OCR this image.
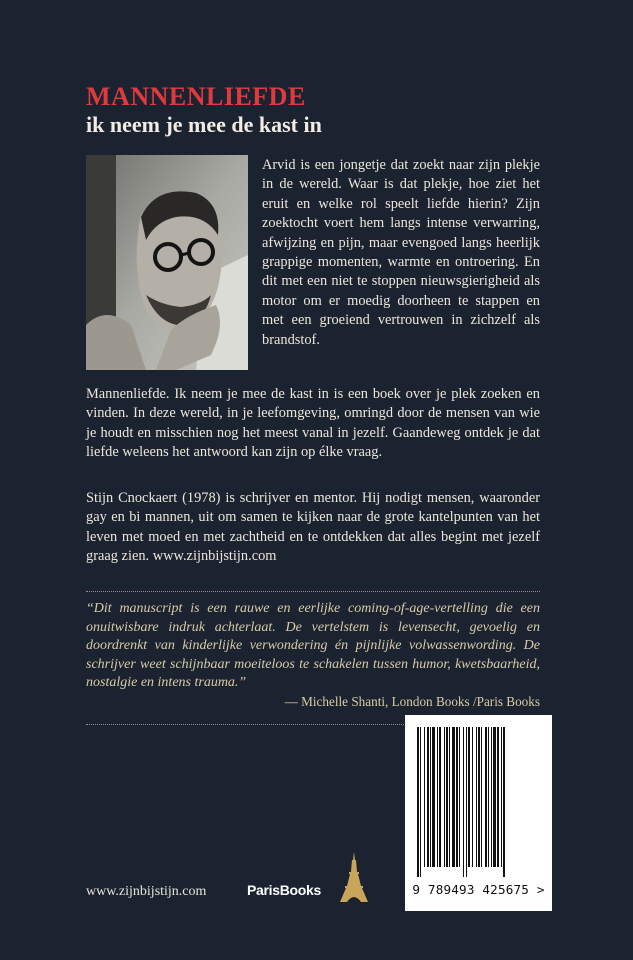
MANNENLIEFDE
ik neem je mee de kast in

Arvid is een jongetje dat zoekt naar zijn plekje in de wereld. Waar is dat plekje, hoe ziet het eruit en welke rol speelt liefde hierin? Zijn zoektocht voert hem langs intense verwarring, afwijzing en pijn, maar evengoed langs heerlijk grappige momenten, warmte en ontroering. En dit met een niet te stoppen nieuwsgierigheid als motor om er moedig doorheen te stappen en met een groeiend vertrouwen in zichzelf als brandstof.

Mannenliefde. Ik neem je mee de kast in is een boek over je plek zoeken en vinden. In deze wereld, in je leefomgeving, omringd door de mensen van wie je houdt en misschien nog het meest vanal in jezelf. Gaandeweg ontdek je dat liefde weleens het antwoord kan zijn op élke vraag.

Stijn Cnockaert (1978) is schrijver en mentor. Hij nodigt mensen, waaronder gay en bi mannen, uit om samen te kijken naar de grote kantelpunten van het leven met moed en met zachtheid en te ontdekken dat alles begint met jezelf graag zien. www.zijnbijstijn.com

“Dit manuscript is een rauwe en eerlijke coming-of-age-vertelling die een onuitwisbare indruk achterlaat. De vertelstem is levensecht, gevoelig en doordrenkt van kinderlijke verwondering én pijnlijke volwassenwording. De schrijver weet schijnbaar moeiteloos te schakelen tussen humor, kwetsbaarheid, nostalgie en intens trauma.”

— Michelle Shanti, London Books /Paris Books
www.zijnbijstijn.com	ParisBooks	9 789493 425675 >
